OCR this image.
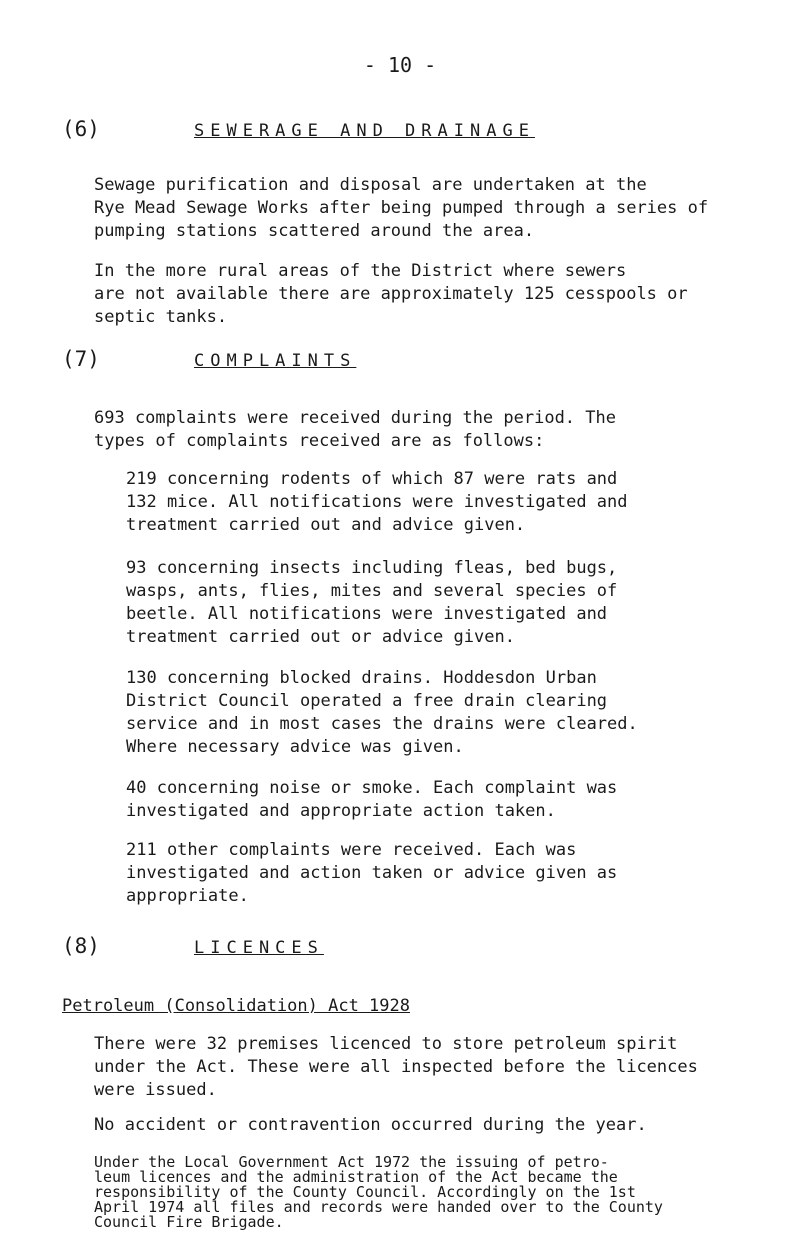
- 10 -
(6)	SEWERAGE AND DRAINAGE

Sewage purification and disposal are undertaken at the
Rye Mead Sewage Works after being pumped through a series of
pumping stations scattered around the area.

In the more rural areas of the District where sewers
are not available there are approximately 125 cesspools or
septic tanks.

(7)	COMPLAINTS

693 complaints were received during the period. The
types of complaints received are as follows:

219 concerning rodents of which 87 were rats and
132 mice. All notifications were investigated and
treatment carried out and advice given.

93 concerning insects including fleas, bed bugs,
wasps, ants, flies, mites and several species of
beetle. All notifications were investigated and
treatment carried out or advice given.

130 concerning blocked drains. Hoddesdon Urban
District Council operated a free drain clearing
service and in most cases the drains were cleared.
Where necessary advice was given.

40 concerning noise or smoke. Each complaint was
investigated and appropriate action taken.

211 other complaints were received. Each was
investigated and action taken or advice given as
appropriate.

(8)	LICENCES
Petroleum (Consolidation) Act 1928

There were 32 premises licenced to store petroleum spirit
under the Act. These were all inspected before the licences
were issued.

No accident or contravention occurred during the year.

Under the Local Government Act 1972 the issuing of petro-
leum licences and the administration of the Act became the
responsibility of the County Council. Accordingly on the 1st
April 1974 all files and records were handed over to the County
Council Fire Brigade.
